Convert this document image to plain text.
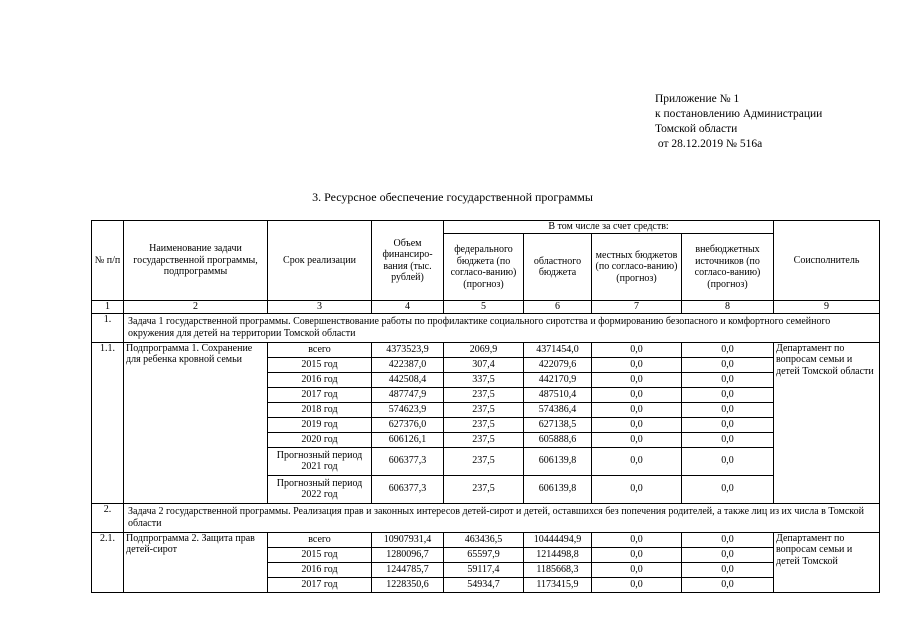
Приложение № 1
к постановлению Администрации
Томской области
от 28.12.2019 № 516а
3. Ресурсное обеспечение государственной программы
№ п/п	Наименование задачи государственной программы, подпрограммы	Срок реализации	Объем финансиро-вания (тыс. рублей)	В том числе за счет средств:				Соисполнитель
				федерального бюджета (по согласо-ванию) (прогноз)	областного бюджета	местных бюджетов (по согласо-ванию) (прогноз)	внебюджетных источников (по согласо-ванию) (прогноз)	
1	2	3	4	5	6	7	8	9
1.	Задача 1 государственной программы. Совершенствование работы по профилактике социального сиротства и формированию безопасного и комфортного семейного окружения для детей на территории Томской области							
1.1.	Подпрограмма 1. Сохранение для ребенка кровной семьи	всего	4373523,9	2069,9	4371454,0	0,0	0,0	Департамент по вопросам семьи и детей Томской области
		2015 год	422387,0	307,4	422079,6	0,0	0,0	
		2016 год	442508,4	337,5	442170,9	0,0	0,0	
		2017 год	487747,9	237,5	487510,4	0,0	0,0	
		2018 год	574623,9	237,5	574386,4	0,0	0,0	
		2019 год	627376,0	237,5	627138,5	0,0	0,0	
		2020 год	606126,1	237,5	605888,6	0,0	0,0	
		Прогнозный период 2021 год	606377,3	237,5	606139,8	0,0	0,0	
		Прогнозный период 2022 год	606377,3	237,5	606139,8	0,0	0,0	
2.	Задача 2 государственной программы. Реализация прав и законных интересов детей-сирот и детей, оставшихся без попечения родителей, а также лиц из их числа в Томской области							
2.1.	Подпрограмма 2. Защита прав детей-сирот	всего	10907931,4	463436,5	10444494,9	0,0	0,0	Департамент по вопросам семьи и детей Томской
		2015 год	1280096,7	65597,9	1214498,8	0,0	0,0	
		2016 год	1244785,7	59117,4	1185668,3	0,0	0,0	
		2017 год	1228350,6	54934,7	1173415,9	0,0	0,0	
